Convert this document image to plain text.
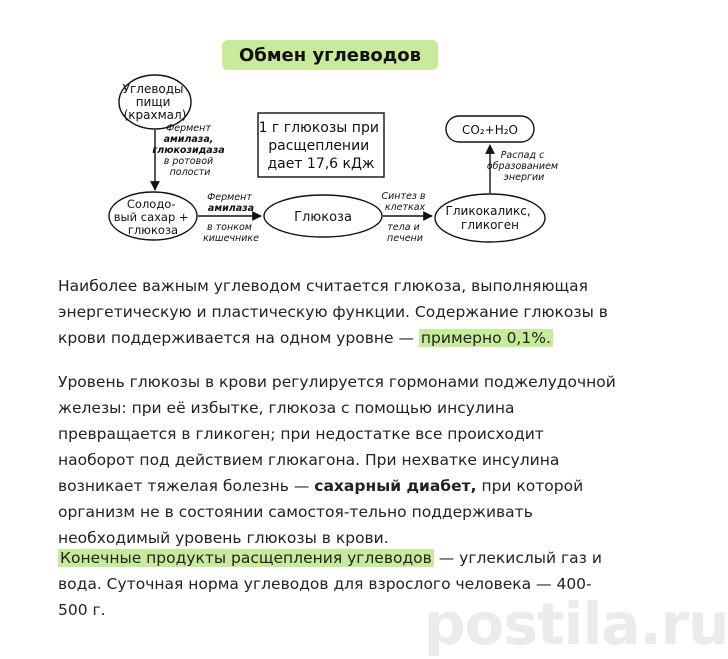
Обмен углеводов
Углеводы пищи (крахмал)
Солодо- вый сахар + глюкоза
Глюкоза	Гликокаликс, гликоген
CO₂+H₂O
1 г глюкозы при расщеплении дает 17,6 кДж
Фермент амилаза, глюкозидаза в ротовой полости
Фермент амилаза
в тонком кишечнике
Синтез в клетках
тела и печени
Распад с образованием энергии

Наиболее важным углеводом считается глюкоза, выполняющая энергетическую и пластическую функции. Содержание глюкозы в крови поддерживается на одном уровне — примерно 0,1%.

Уровень глюкозы в крови регулируется гормонами поджелудочной железы: при её избытке, глюкоза с помощью инсулина превращается в гликоген; при недостатке все происходит наоборот под действием глюкагона. При нехватке инсулина возникает тяжелая болезнь — сахарный диабет, при которой организм не в состоянии самостоя-тельно поддерживать необходимый уровень глюкозы в крови.

Конечные продукты расщепления углеводов — углекислый газ и вода. Суточная норма углеводов для взрослого человека — 400-500 г.	postila.ru
